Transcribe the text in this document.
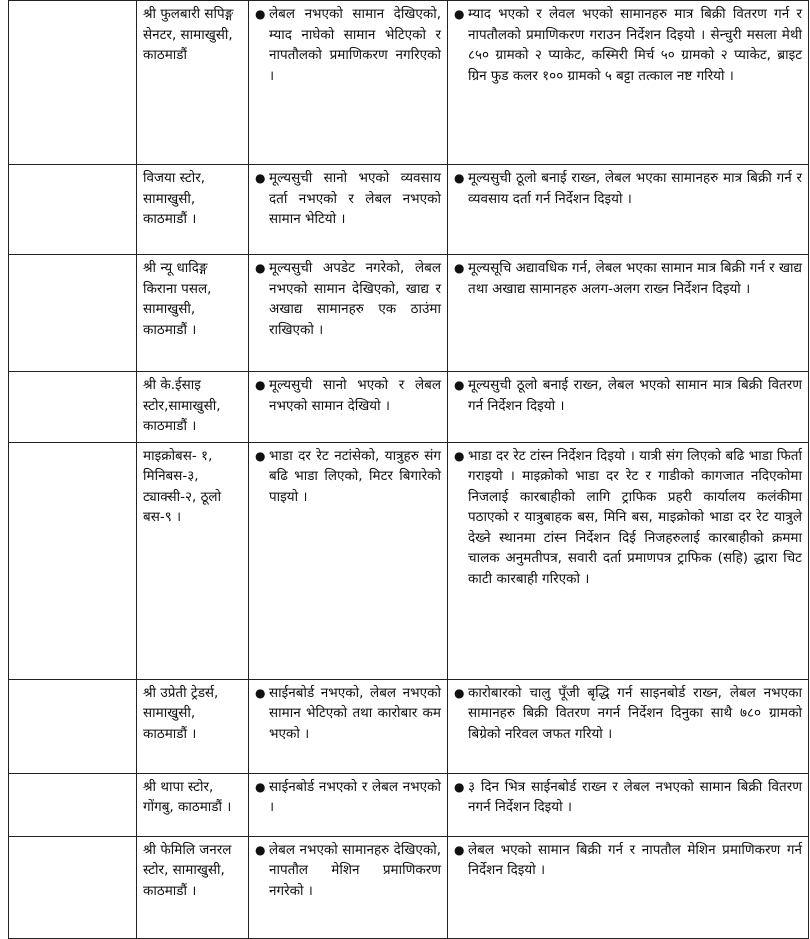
	श्री फुलबारी सपिङ्ग सेनटर, सामाखुसी, काठमाडौं	● लेबल नभएको सामान देखिएको, म्याद नाघेको सामान भेटिएको र नापतौलको प्रमाणिकरण नगरिएको ।	● म्याद भएको र लेवल भएको सामानहरु मात्र बिक्री वितरण गर्न र नापतौलको प्रमाणिकरण गराउन निर्देशन दिइयो । सेन्चुरी मसला मेथी ८५० ग्रामको २ प्याकेट, कस्मिरी मिर्च ५० ग्रामको २ प्याकेट, ब्राइट ग्रिन फुड कलर १०० ग्रामको ५ बट्टा तत्काल नष्ट गरियो ।

	विजया स्टोर, सामाखुसी, काठमाडौं ।	● मूल्यसुची सानो भएको व्यवसाय दर्ता नभएको र लेबल नभएको सामान भेटियो ।	● मूल्यसुची ठूलो बनाई राख्न, लेबल भएका सामानहरु मात्र बिक्री गर्न र व्यवसाय दर्ता गर्न निर्देशन दिइयो ।

	श्री न्यू धादिङ्ग किराना पसल, सामाखुसी, काठमाडौं ।	● मूल्यसुची अपडेट नगरेको, लेबल नभएको सामान देखिएको, खाद्य र अखाद्य सामानहरु एक ठाउंमा राखिएको ।	● मूल्यसूचि अद्यावधिक गर्न, लेबल भएका सामान मात्र बिक्री गर्न र खाद्य तथा अखाद्य सामानहरु अलग-अलग राख्न निर्देशन दिइयो ।

	श्री के.ईसाइ स्टोर,सामाखुसी, काठमाडौं ।	● मूल्यसुची सानो भएको र लेबल नभएको सामान देखियो ।	● मूल्यसुची ठूलो बनाई राख्न, लेबल भएको सामान मात्र बिक्री वितरण गर्न निर्देशन दिइयो ।

	माइक्रोबस- १, मिनिबस-३, ट्याक्सी-२, ठूलो बस-९ ।	● भाडा दर रेट नटांसेको, यात्रुहरु संग बढि भाडा लिएको, मिटर बिगारेको पाइयो ।	● भाडा दर रेट टांस्न निर्देशन दिइयो । यात्री संग लिएको बढि भाडा फिर्ता गराइयो । माइक्रोको भाडा दर रेट र गाडीको कागजात नदिएकोमा निजलाई कारबाहीको लागि ट्राफिक प्रहरी कार्यालय कलंकीमा पठाएको र यात्रुबाहक बस, मिनि बस, माइक्रोको भाडा दर रेट यात्रुले देख्ने स्थानमा टांस्न निर्देशन दिई निजहरुलाई कारबाहीको क्रममा चालक अनुमतीपत्र, सवारी दर्ता प्रमाणपत्र ट्राफिक (सहि) द्धारा चिट काटी कारबाही गरिएको ।

	श्री उप्रेती ट्रेडर्स, सामाखुसी, काठमाडौं ।	● साईनबोर्ड नभएको, लेबल नभएको सामान भेटिएको तथा कारोबार कम भएको ।	● कारोबारको चालु पूँजी बृद्धि गर्न साइनबोर्ड राख्न, लेबल नभएका सामानहरु बिक्री वितरण नगर्न निर्देशन दिनुका साथै ७८० ग्रामको बिग्रेको नरिवल जफत गरियो ।

	श्री थापा स्टोर, गोंगबु, काठमाडौं ।	● साईनबोर्ड नभएको र लेबल नभएको ।	● ३ दिन भित्र साईनबोर्ड राख्न र लेबल नभएको सामान बिक्री वितरण नगर्न निर्देशन दिइयो ।

	श्री फेमिलि जनरल स्टोर, सामाखुसी, काठमाडौं ।	● लेबल नभएको सामानहरु देखिएको, नापतौल मेशिन प्रमाणिकरण नगरेको ।	● लेबल भएको सामान बिक्री गर्न र नापतौल मेशिन प्रमाणिकरण गर्न निर्देशन दिइयो ।
